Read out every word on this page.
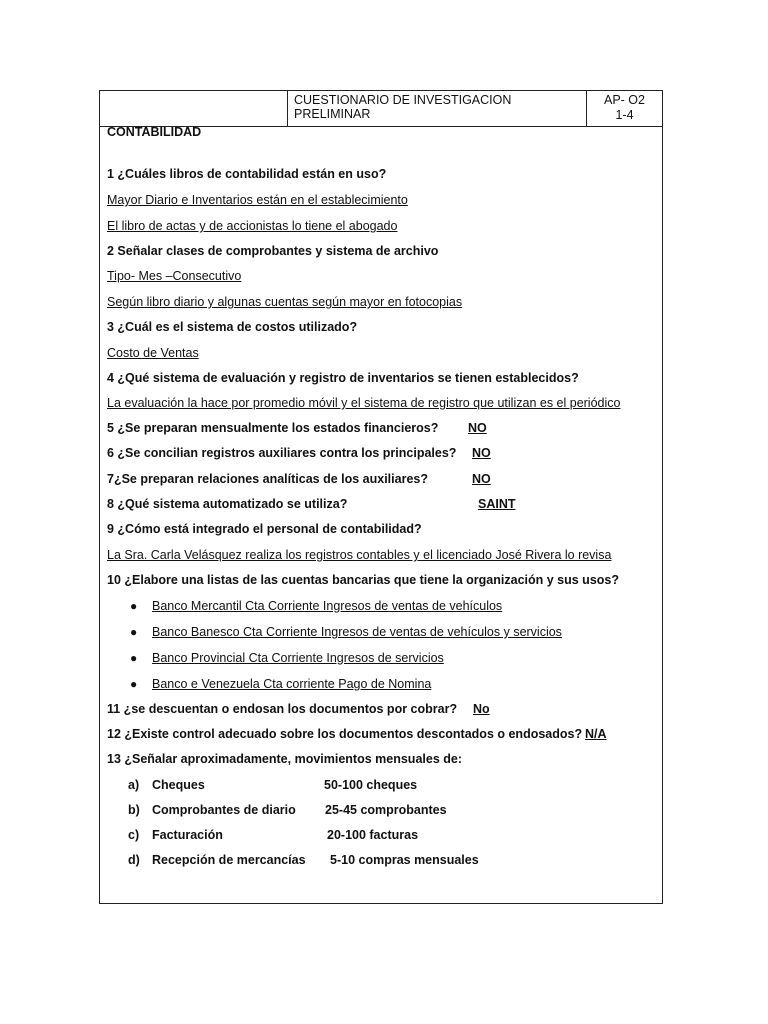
CUESTIONARIO DE INVESTIGACION PRELIMINAR
AP- O2
1-4
CONTABILIDAD
1 ¿Cuáles libros de contabilidad están en uso?
Mayor Diario e Inventarios están en el establecimiento
El libro de actas y de accionistas lo tiene el abogado
2 Señalar clases de comprobantes y sistema de archivo
Tipo- Mes –Consecutivo
Según libro diario y algunas cuentas según mayor en fotocopias
3 ¿Cuál es el sistema de costos utilizado?
Costo de Ventas
4 ¿Qué sistema de evaluación y registro de inventarios se tienen establecidos?
La evaluación la hace por promedio móvil y el sistema de registro que utilizan es el periódico
5 ¿Se preparan mensualmente los estados financieros? NO
6 ¿Se concilian registros auxiliares contra los principales? NO
7¿Se preparan relaciones analíticas de los auxiliares?	NO
8 ¿Qué sistema automatizado se utiliza?	SAINT
9 ¿Cómo está integrado el personal de contabilidad?
La Sra. Carla Velásquez realiza los registros contables y el licenciado José Rivera lo revisa
10 ¿Elabore una listas de las cuentas bancarias que tiene la organización y sus usos?
● Banco Mercantil Cta Corriente Ingresos de ventas de vehículos
● Banco Banesco Cta Corriente Ingresos de ventas de vehículos y servicios
● Banco Provincial Cta Corriente Ingresos de servicios
● Banco e Venezuela Cta corriente Pago de Nomina
11 ¿se descuentan o endosan los documentos por cobrar? No
12 ¿Existe control adecuado sobre los documentos descontados o endosados? N/A
13 ¿Señalar aproximadamente, movimientos mensuales de:
a) Cheques	50-100 cheques
b) Comprobantes de diario 25-45 comprobantes
c) Facturación	20-100 facturas
d) Recepción de mercancías 5-10 compras mensuales
